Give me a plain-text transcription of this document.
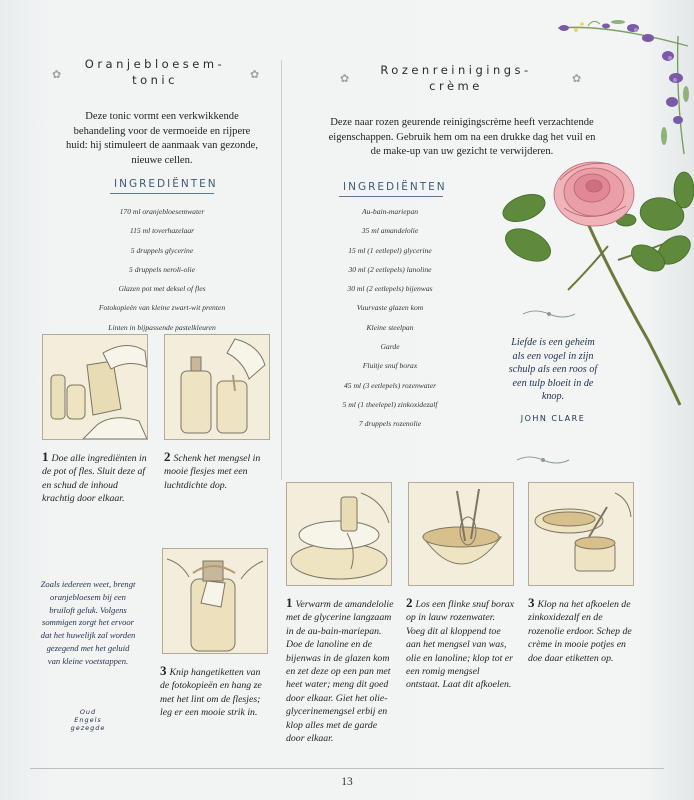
Oranjebloesem-
tonic
✿	✿	Rozenreinigings-
crème
✿	✿
Deze tonic vormt een verkwikkende behandeling voor de vermoeide en rijpere huid: hij stimuleert de aanmaak van gezonde, nieuwe cellen.
Deze naar rozen geurende reinigingscrème heeft verzachtende eigenschappen. Gebruik hem om na een drukke dag het vuil en de make-up van uw gezicht te verwijderen.
INGREDIËNTEN
170 ml oranjebloesemwater
115 ml toverhazelaar
5 druppels glycerine
5 druppels neroli-olie
Glazen pot met deksel of fles
Fotokopieën van kleine zwart-wit prenten
Linten in bijpassende pastelkleuren
INGREDIËNTEN
Au-bain-mariepan
35 ml amandelolie
15 ml (1 eetlepel) glycerine
30 ml (2 eetlepels) lanoline
30 ml (2 eetlepels) bijenwas
Vuurvaste glazen kom
Kleine steelpan
Garde
Fluitje snuf borax
45 ml (3 eetlepels) rozenwater
5 ml (1 theelepel) zinkoxidezalf
7 druppels rozenolie
Liefde is een geheim als een vogel in zijn schulp als een roos of een tulp bloeit in de knop.
JOHN CLARE
1 Doe alle ingrediënten in de pot of fles. Sluit deze af en schud de inhoud krachtig door elkaar.
2 Schenk het mengsel in mooie flesjes met een luchtdichte dop.
Zoals iedereen weet, brengt oranjebloesem bij een bruiloft geluk. Volgens sommigen zorgt het ervoor dat het huwelijk zal worden gezegend met het geluid van kleine voetstappen.
Oud Engels gezegde
3 Knip hangetiketten van de fotokopieën en hang ze met het lint om de flesjes; leg er een mooie strik in.
1 Verwarm de amandelolie met de glycerine langzaam in de au-bain-mariepan. Doe de lanoline en de bijenwas in de glazen kom en zet deze op een pan met heet water; meng dit goed door elkaar. Giet het olie-glycerinemengsel erbij en klop alles met de garde door elkaar.
2 Los een flinke snuf borax op in lauw rozenwater. Voeg dit al kloppend toe aan het mengsel van was, olie en lanoline; klop tot er een romig mengsel ontstaat. Laat dit afkoelen.
3 Klop na het afkoelen de zinkoxidezalf en de rozenolie erdoor. Schep de crème in mooie potjes en doe daar etiketten op.
13
